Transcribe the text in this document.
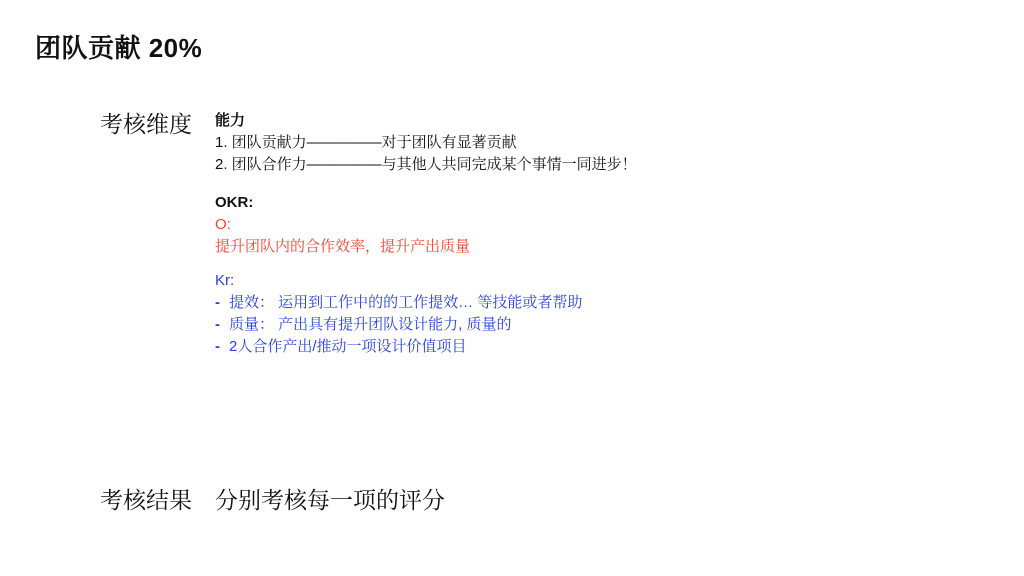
团队贡献 20%
考核维度 能力
1. 团队贡献力—————对于团队有显著贡献
2. 团队合作力—————与其他人共同完成某个事情一同进步！
OKR:
O:
提升团队内的合作效率，提升产出质量
Kr:
- 提效： 运用到工作中的的工作提效… 等技能或者帮助
- 质量： 产出具有提升团队设计能力, 质量的
- 2人合作产出/推动一项设计价值项目
考核结果 分别考核每一项的评分
